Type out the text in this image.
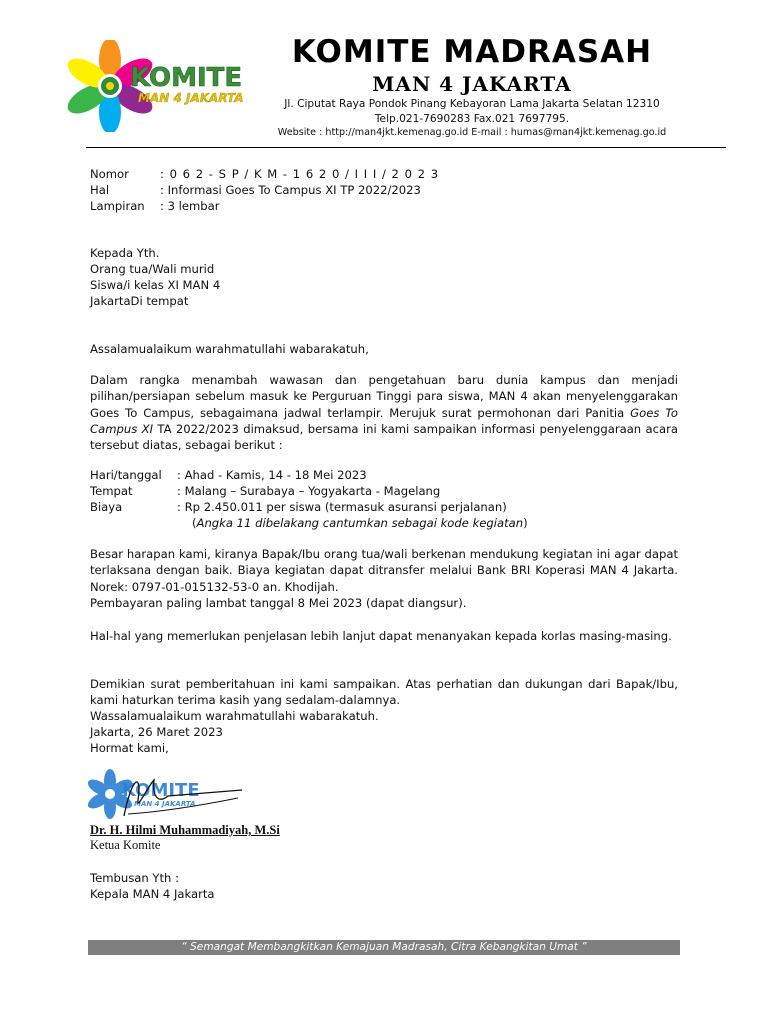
KOMITE
MAN 4 JAKARTA
KOMITE MADRASAH
MAN 4 JAKARTA
Jl. Ciputat Raya Pondok Pinang Kebayoran Lama Jakarta Selatan 12310
Telp.021-7690283 Fax.021 7697795.
Website : http://man4jkt.kemenag.go.id E-mail : humas@man4jkt.kemenag.go.id
Nomor	: 0 6 2 - S P / K M - 1 6 2 0 / I I I / 2 0 2 3
Hal	: Informasi Goes To Campus XI TP 2022/2023
Lampiran : 3 lembar
Kepada Yth.
Orang tua/Wali murid
Siswa/i kelas XI MAN 4
JakartaDi tempat
Assalamualaikum warahmatullahi wabarakatuh,
Dalam rangka menambah wawasan dan pengetahuan baru dunia kampus dan menjadi pilihan/persiapan sebelum masuk ke Perguruan Tinggi para siswa, MAN 4 akan menyelenggarakan Goes To Campus, sebagaimana jadwal terlampir. Merujuk surat permohonan dari Panitia Goes To Campus XI TA 2022/2023 dimaksud, bersama ini kami sampaikan informasi penyelenggaraan acara tersebut diatas, sebagai berikut :
Hari/tanggal : Ahad - Kamis, 14 - 18 Mei 2023
Tempat	: Malang – Surabaya – Yogyakarta - Magelang
Biaya	: Rp 2.450.011 per siswa (termasuk asuransi perjalanan)
(Angka 11 dibelakang cantumkan sebagai kode kegiatan)
Besar harapan kami, kiranya Bapak/Ibu orang tua/wali berkenan mendukung kegiatan ini agar dapat terlaksana dengan baik. Biaya kegiatan dapat ditransfer melalui Bank BRI Koperasi MAN 4 Jakarta. Norek: 0797-01-015132-53-0 an. Khodijah.
Pembayaran paling lambat tanggal 8 Mei 2023 (dapat diangsur).
Hal-hal yang memerlukan penjelasan lebih lanjut dapat menanyakan kepada korlas masing-masing.
Demikian surat pemberitahuan ini kami sampaikan. Atas perhatian dan dukungan dari Bapak/Ibu, kami haturkan terima kasih yang sedalam-dalamnya.
Wassalamualaikum warahmatullahi wabarakatuh.
Jakarta, 26 Maret 2023
Hormat kami,
KOMITE
MAN 4 JAKARTA
Dr. H. Hilmi Muhammadiyah, M.Si
Ketua Komite
Tembusan Yth :
Kepala MAN 4 Jakarta
“ Semangat Membangkitkan Kemajuan Madrasah, Citra Kebangkitan Umat ”
